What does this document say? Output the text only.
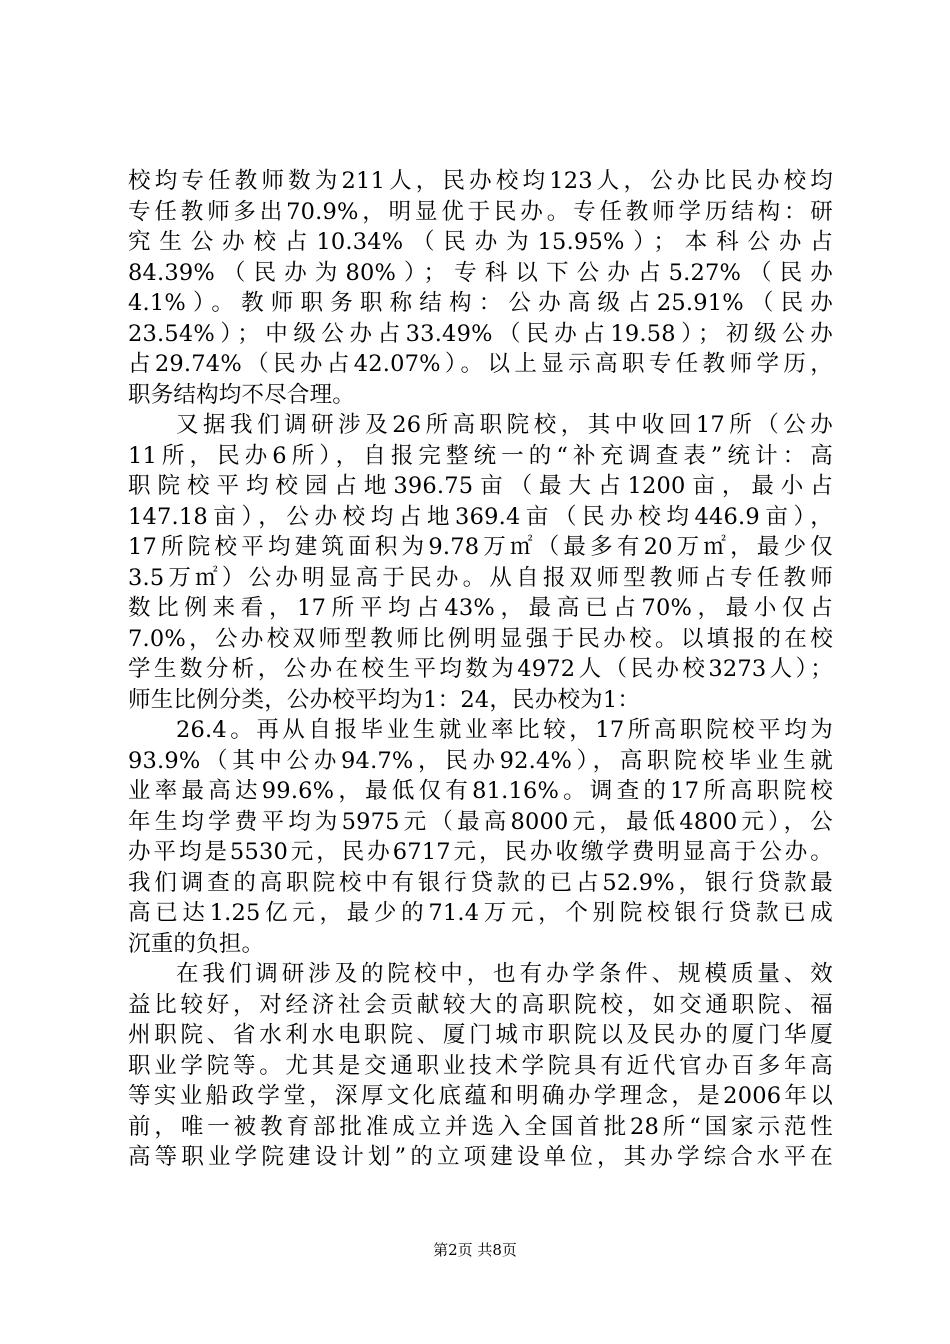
校均专任教师数为211人，民办校均123人，公办比民办校均
专任教师多出70.9%，明显优于民办。专任教师学历结构：研
究生公办校占10.34%（民办为15.95%）；本科公办占
84.39%（民办为80%）；专科以下公办占5.27%（民办
4.1%）。教师职务职称结构：公办高级占25.91%（民办
23.54%）；中级公办占33.49%（民办占19.58）；初级公办
占29.74%（民办占42.07%）。以上显示高职专任教师学历，
职务结构均不尽合理。
又据我们调研涉及26所高职院校，其中收回17所（公办
11所，民办6所），自报完整统一的“补充调查表”统计：高
职院校平均校园占地396.75亩（最大占1200亩，最小占
147.18亩），公办校均占地369.4亩（民办校均446.9亩），
17所院校平均建筑面积为9.78万㎡（最多有20万㎡，最少仅
3.5万㎡）公办明显高于民办。从自报双师型教师占专任教师
数比例来看，17所平均占43%，最高已占70%，最小仅占
7.0%，公办校双师型教师比例明显强于民办校。以填报的在校
学生数分析，公办在校生平均数为4972人（民办校3273人）；
师生比例分类，公办校平均为1：24，民办校为1：
26.4。再从自报毕业生就业率比较，17所高职院校平均为
93.9%（其中公办94.7%，民办92.4%），高职院校毕业生就
业率最高达99.6%，最低仅有81.16%。调查的17所高职院校
年生均学费平均为5975元（最高8000元，最低4800元），公
办平均是5530元，民办6717元，民办收缴学费明显高于公办。
我们调查的高职院校中有银行贷款的已占52.9%，银行贷款最
高已达1.25亿元，最少的71.4万元，个别院校银行贷款已成
沉重的负担。
在我们调研涉及的院校中，也有办学条件、规模质量、效
益比较好，对经济社会贡献较大的高职院校，如交通职院、福
州职院、省水利水电职院、厦门城市职院以及民办的厦门华厦
职业学院等。尤其是交通职业技术学院具有近代官办百多年高
等实业船政学堂，深厚文化底蕴和明确办学理念，是2006年以
前，唯一被教育部批准成立并选入全国首批28所“国家示范性
高等职业学院建设计划”的立项建设单位，其办学综合水平在
第2页 共8页
